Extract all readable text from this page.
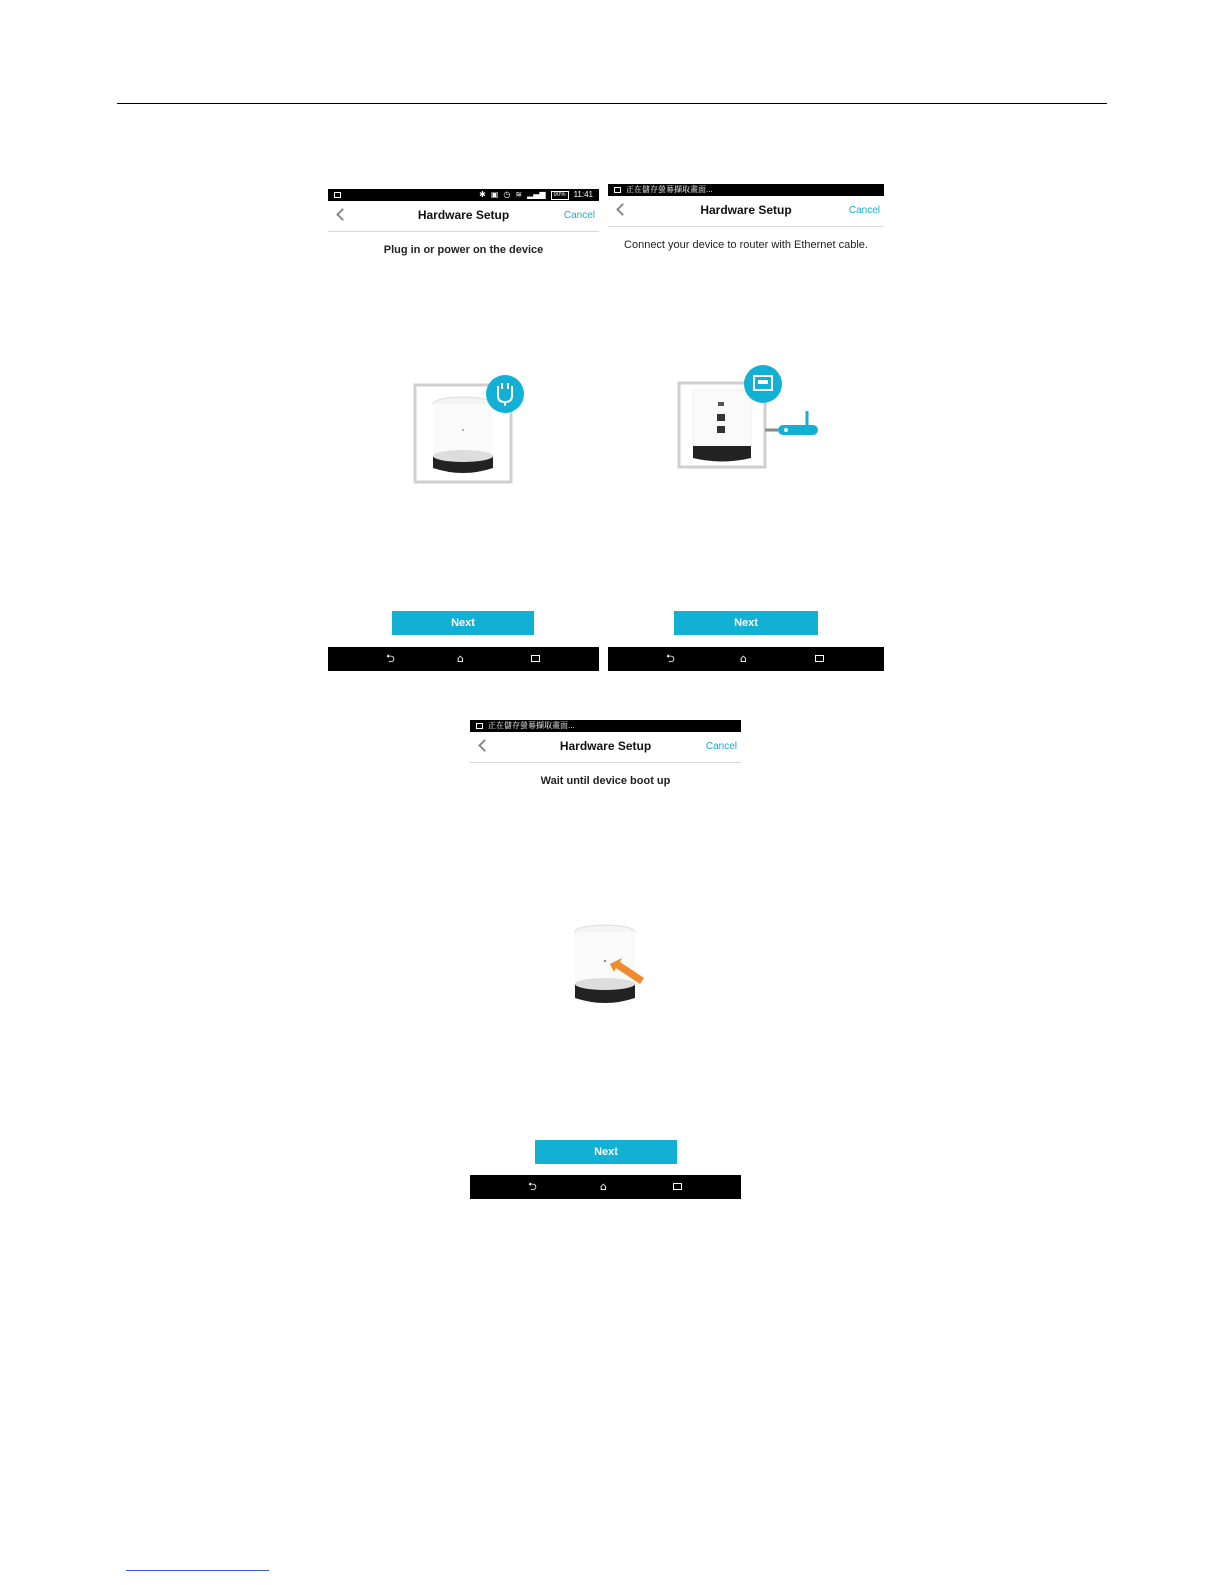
✱ ▣ ◷ ≋ ▂▄▆	90%	11:41
Hardware Setup	Cancel
Plug in or power on the device
Next
⮌	⌂
正在儲存螢幕擷取畫面...
Hardware Setup	Cancel
Connect your device to router with Ethernet cable.
Next
⮌	⌂
正在儲存螢幕擷取畫面...
Hardware Setup	Cancel
Wait until device boot up
Next
⮌	⌂
